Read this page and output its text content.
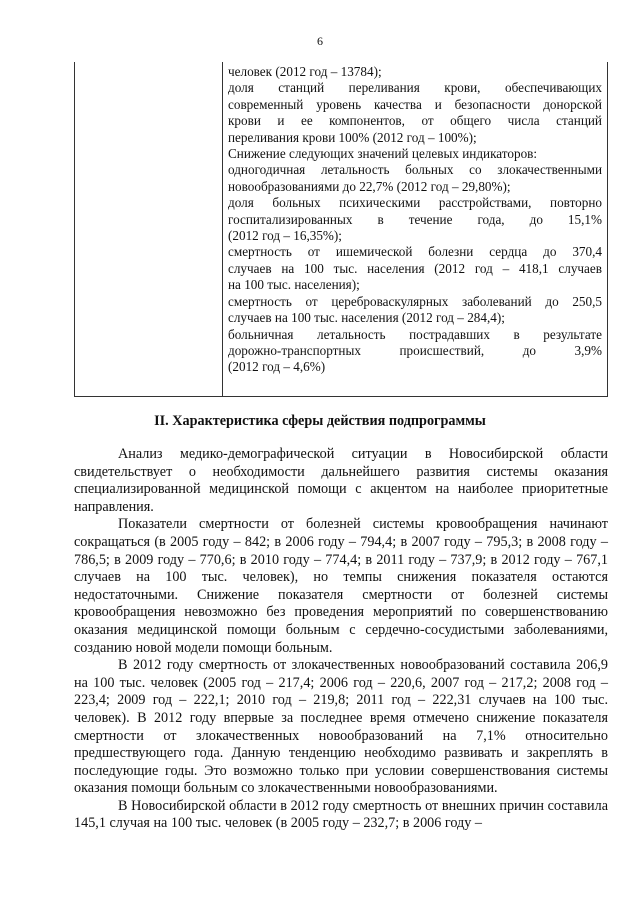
6
человек (2012 год – 13784);
доля станций переливания крови, обеспечивающих
современный уровень качества и безопасности донорской
крови и ее компонентов, от общего числа станций
переливания крови 100% (2012 год – 100%);
Снижение следующих значений целевых индикаторов:
одногодичная летальность больных со злокачественными
новообразованиями до 22,7% (2012 год – 29,80%);
доля больных психическими расстройствами, повторно
госпитализированных в течение года, до 15,1%
(2012 год – 16,35%);
смертность от ишемической болезни сердца до 370,4
случаев на 100 тыс. населения (2012 год – 418,1 случаев
на 100 тыс. населения);
смертность от цереброваскулярных заболеваний до 250,5
случаев на 100 тыс. населения (2012 год – 284,4);
больничная летальность пострадавших в результате
дорожно-транспортных происшествий, до 3,9%
(2012 год – 4,6%)
II. Характеристика сферы действия подпрограммы

Анализ медико-демографической ситуации в Новосибирской области свидетельствует о необходимости дальнейшего развития системы оказания специализированной медицинской помощи с акцентом на наиболее приоритетные направления.

Показатели смертности от болезней системы кровообращения начинают сокращаться (в 2005 году – 842; в 2006 году – 794,4; в 2007 году – 795,3; в 2008 году – 786,5; в 2009 году – 770,6; в 2010 году – 774,4; в 2011 году – 737,9; в 2012 году – 767,1 случаев на 100 тыс. человек), но темпы снижения показателя остаются недостаточными. Снижение показателя смертности от болезней системы кровообращения невозможно без проведения мероприятий по совершенствованию оказания медицинской помощи больным с сердечно-сосудистыми заболеваниями, созданию новой модели помощи больным.

В 2012 году смертность от злокачественных новообразований составила 206,9 на 100 тыс. человек (2005 год – 217,4; 2006 год – 220,6, 2007 год – 217,2; 2008 год – 223,4; 2009 год – 222,1; 2010 год – 219,8; 2011 год – 222,31 случаев на 100 тыс. человек). В 2012 году впервые за последнее время отмечено снижение показателя смертности от злокачественных новообразований на 7,1% относительно предшествующего года. Данную тенденцию необходимо развивать и закреплять в последующие годы. Это возможно только при условии совершенствования системы оказания помощи больным со злокачественными новообразованиями.

В Новосибирской области в 2012 году смертность от внешних причин составила 145,1 случая на 100 тыс. человек (в 2005 году – 232,7; в 2006 году –
